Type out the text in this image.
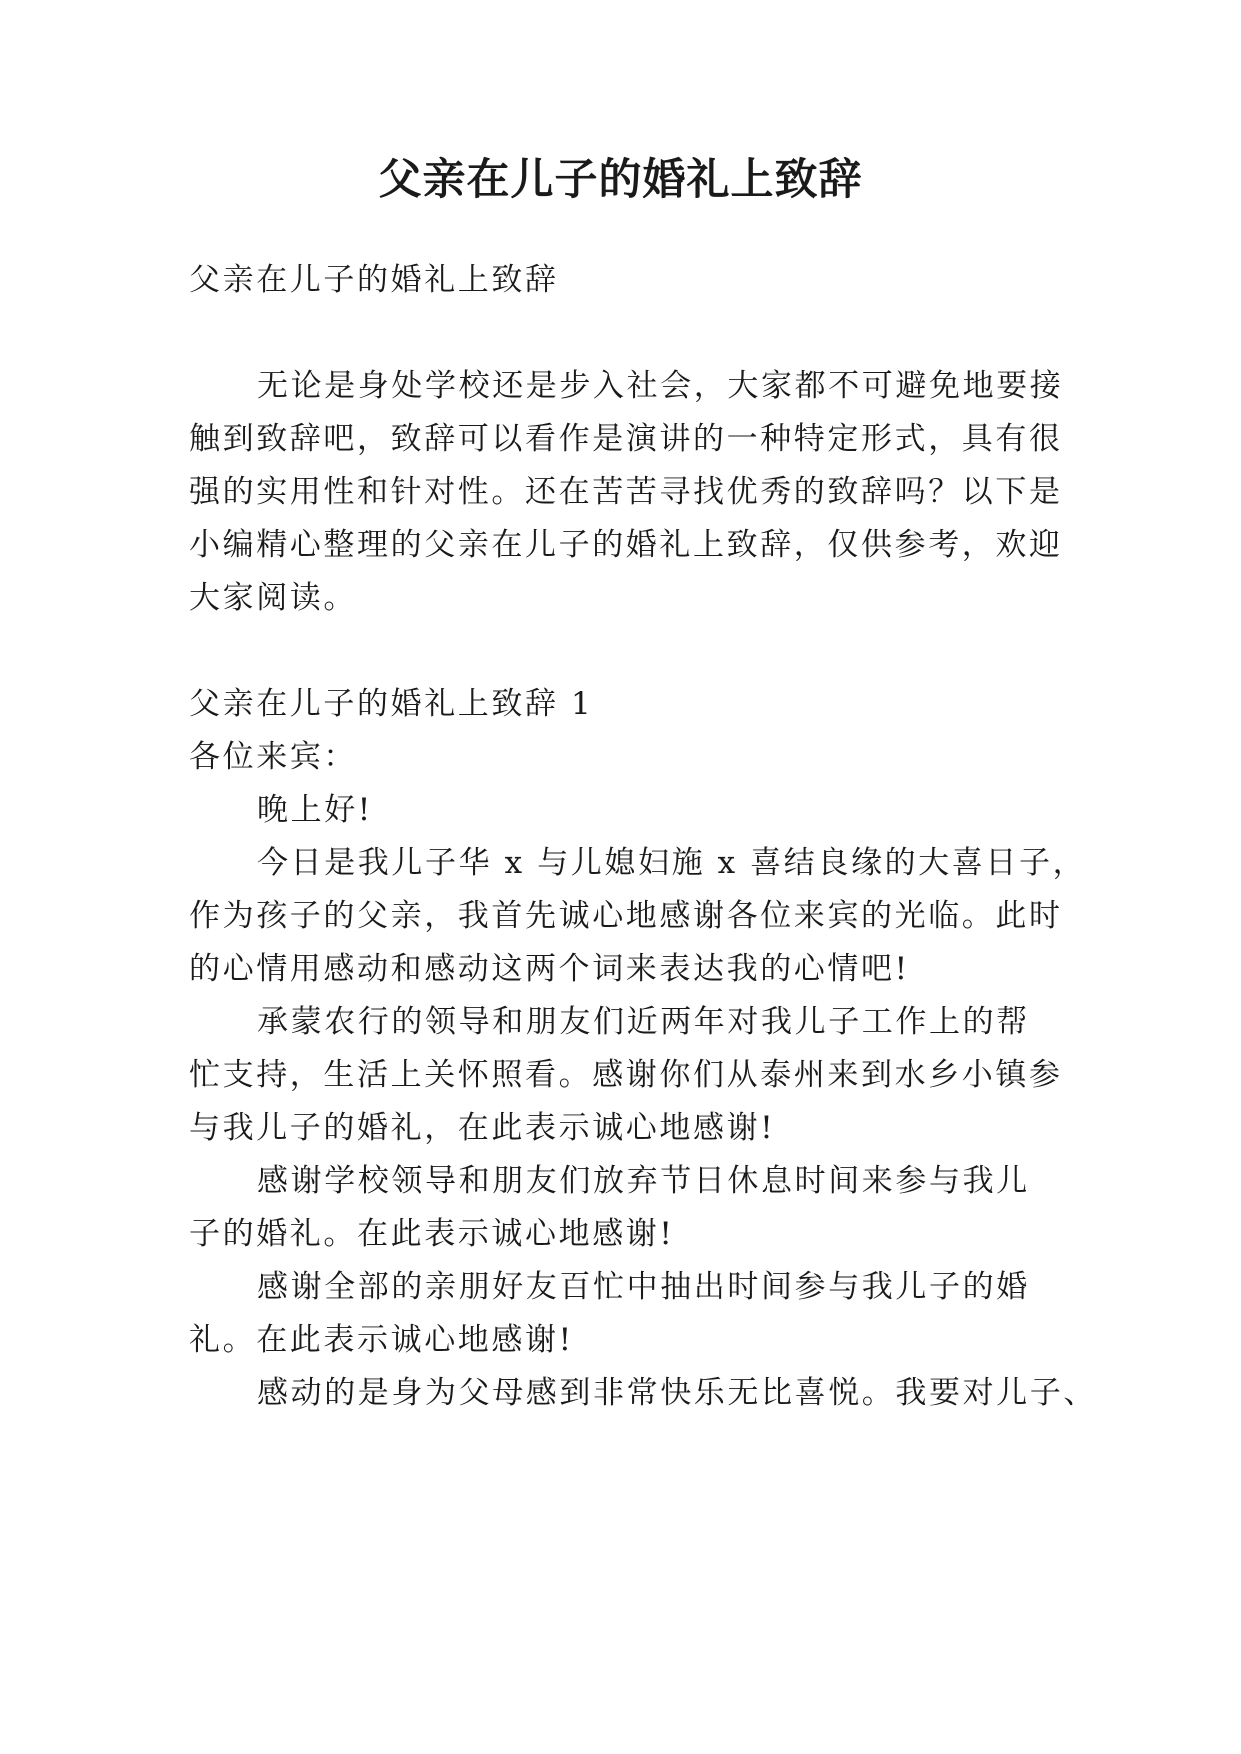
父亲在儿子的婚礼上致辞

父亲在儿子的婚礼上致辞

无论是身处学校还是步入社会，大家都不可避免地要接

触到致辞吧，致辞可以看作是演讲的一种特定形式，具有很

强的实用性和针对性。还在苦苦寻找优秀的致辞吗？以下是

小编精心整理的父亲在儿子的婚礼上致辞，仅供参考，欢迎

大家阅读。

父亲在儿子的婚礼上致辞 1

各位来宾：

晚上好!

今日是我儿子华 x 与儿媳妇施 x 喜结良缘的大喜日子，

作为孩子的父亲，我首先诚心地感谢各位来宾的光临。此时

的心情用感动和感动这两个词来表达我的心情吧!

承蒙农行的领导和朋友们近两年对我儿子工作上的帮

忙支持，生活上关怀照看。感谢你们从泰州来到水乡小镇参

与我儿子的婚礼，在此表示诚心地感谢!

感谢学校领导和朋友们放弃节日休息时间来参与我儿

子的婚礼。在此表示诚心地感谢!

感谢全部的亲朋好友百忙中抽出时间参与我儿子的婚

礼。在此表示诚心地感谢!

感动的是身为父母感到非常快乐无比喜悦。我要对儿子、
